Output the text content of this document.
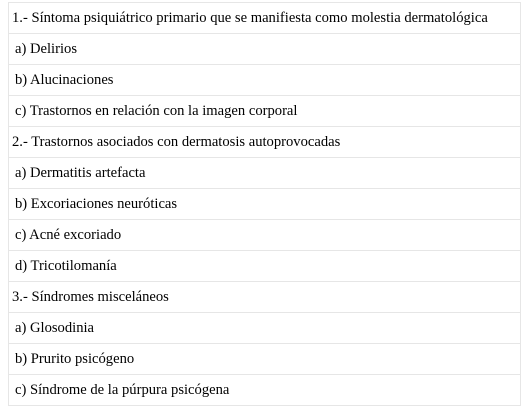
1.- Síntoma psiquiátrico primario que se manifiesta como molestia dermatológica
a) Delirios
b) Alucinaciones
c) Trastornos en relación con la imagen corporal
2.- Trastornos asociados con dermatosis autoprovocadas
a) Dermatitis artefacta
b) Excoriaciones neuróticas
c) Acné excoriado
d) Tricotilomanía
3.- Síndromes misceláneos
a) Glosodinia
b) Prurito psicógeno
c) Síndrome de la púrpura psicógena
